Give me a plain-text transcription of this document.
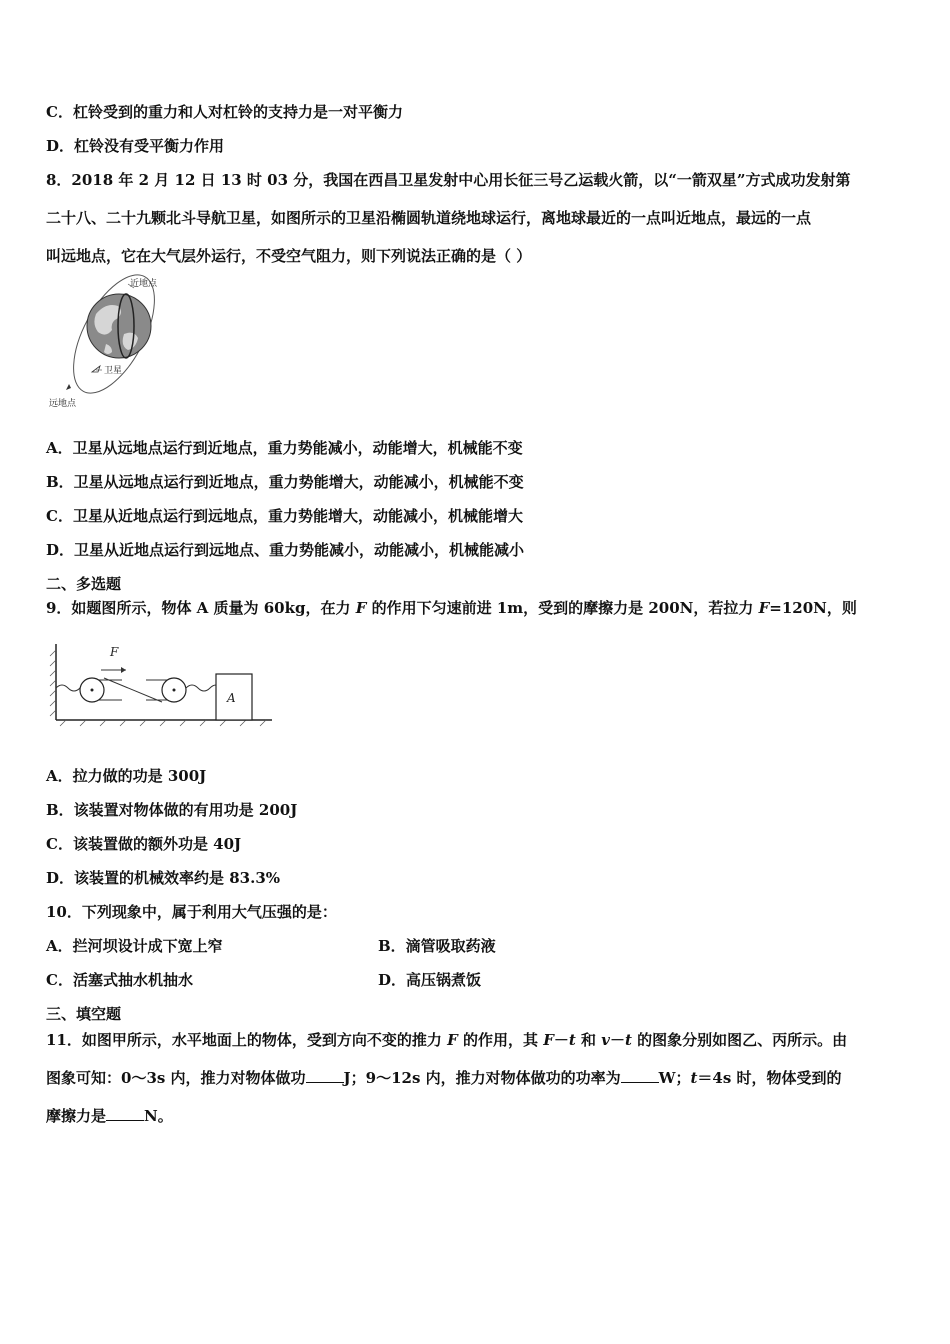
C．杠铃受到的重力和人对杠铃的支持力是一对平衡力
D．杠铃没有受平衡力作用
8．2018 年 2 月 12 日 13 时 03 分，我国在西昌卫星发射中心用长征三号乙运载火箭，以“一箭双星”方式成功发射第
二十八、二十九颗北斗导航卫星，如图所示的卫星沿椭圆轨道绕地球运行，离地球最近的一点叫近地点，最远的一点
叫远地点，它在大气层外运行，不受空气阻力，则下列说法正确的是（ ）
近地点
卫星
远地点
A．卫星从远地点运行到近地点，重力势能减小，动能增大，机械能不变
B．卫星从远地点运行到近地点，重力势能增大，动能减小，机械能不变
C．卫星从近地点运行到远地点，重力势能增大，动能减小，机械能增大
D．卫星从近地点运行到远地点、重力势能减小，动能减小，机械能减小
二、多选题
9．如题图所示，物体 A 质量为 60kg，在力 F 的作用下匀速前进 1m，受到的摩擦力是 200N，若拉力 F=120N，则
F
A
A．拉力做的功是 300J
B．该装置对物体做的有用功是 200J
C．该装置做的额外功是 40J
D．该装置的机械效率约是 83.3%
10．下列现象中，属于利用大气压强的是：
A．拦河坝设计成下宽上窄	B．滴管吸取药液
C．活塞式抽水机抽水	D．高压锅煮饭
三、填空题
11．如图甲所示，水平地面上的物体，受到方向不变的推力 F 的作用，其 F－t 和 v－t 的图象分别如图乙、丙所示。由
图象可知：0～3s 内，推力对物体做功	J；9～12s 内，推力对物体做功的功率为	W；t＝4s 时，物体受到的
摩擦力是	N。
